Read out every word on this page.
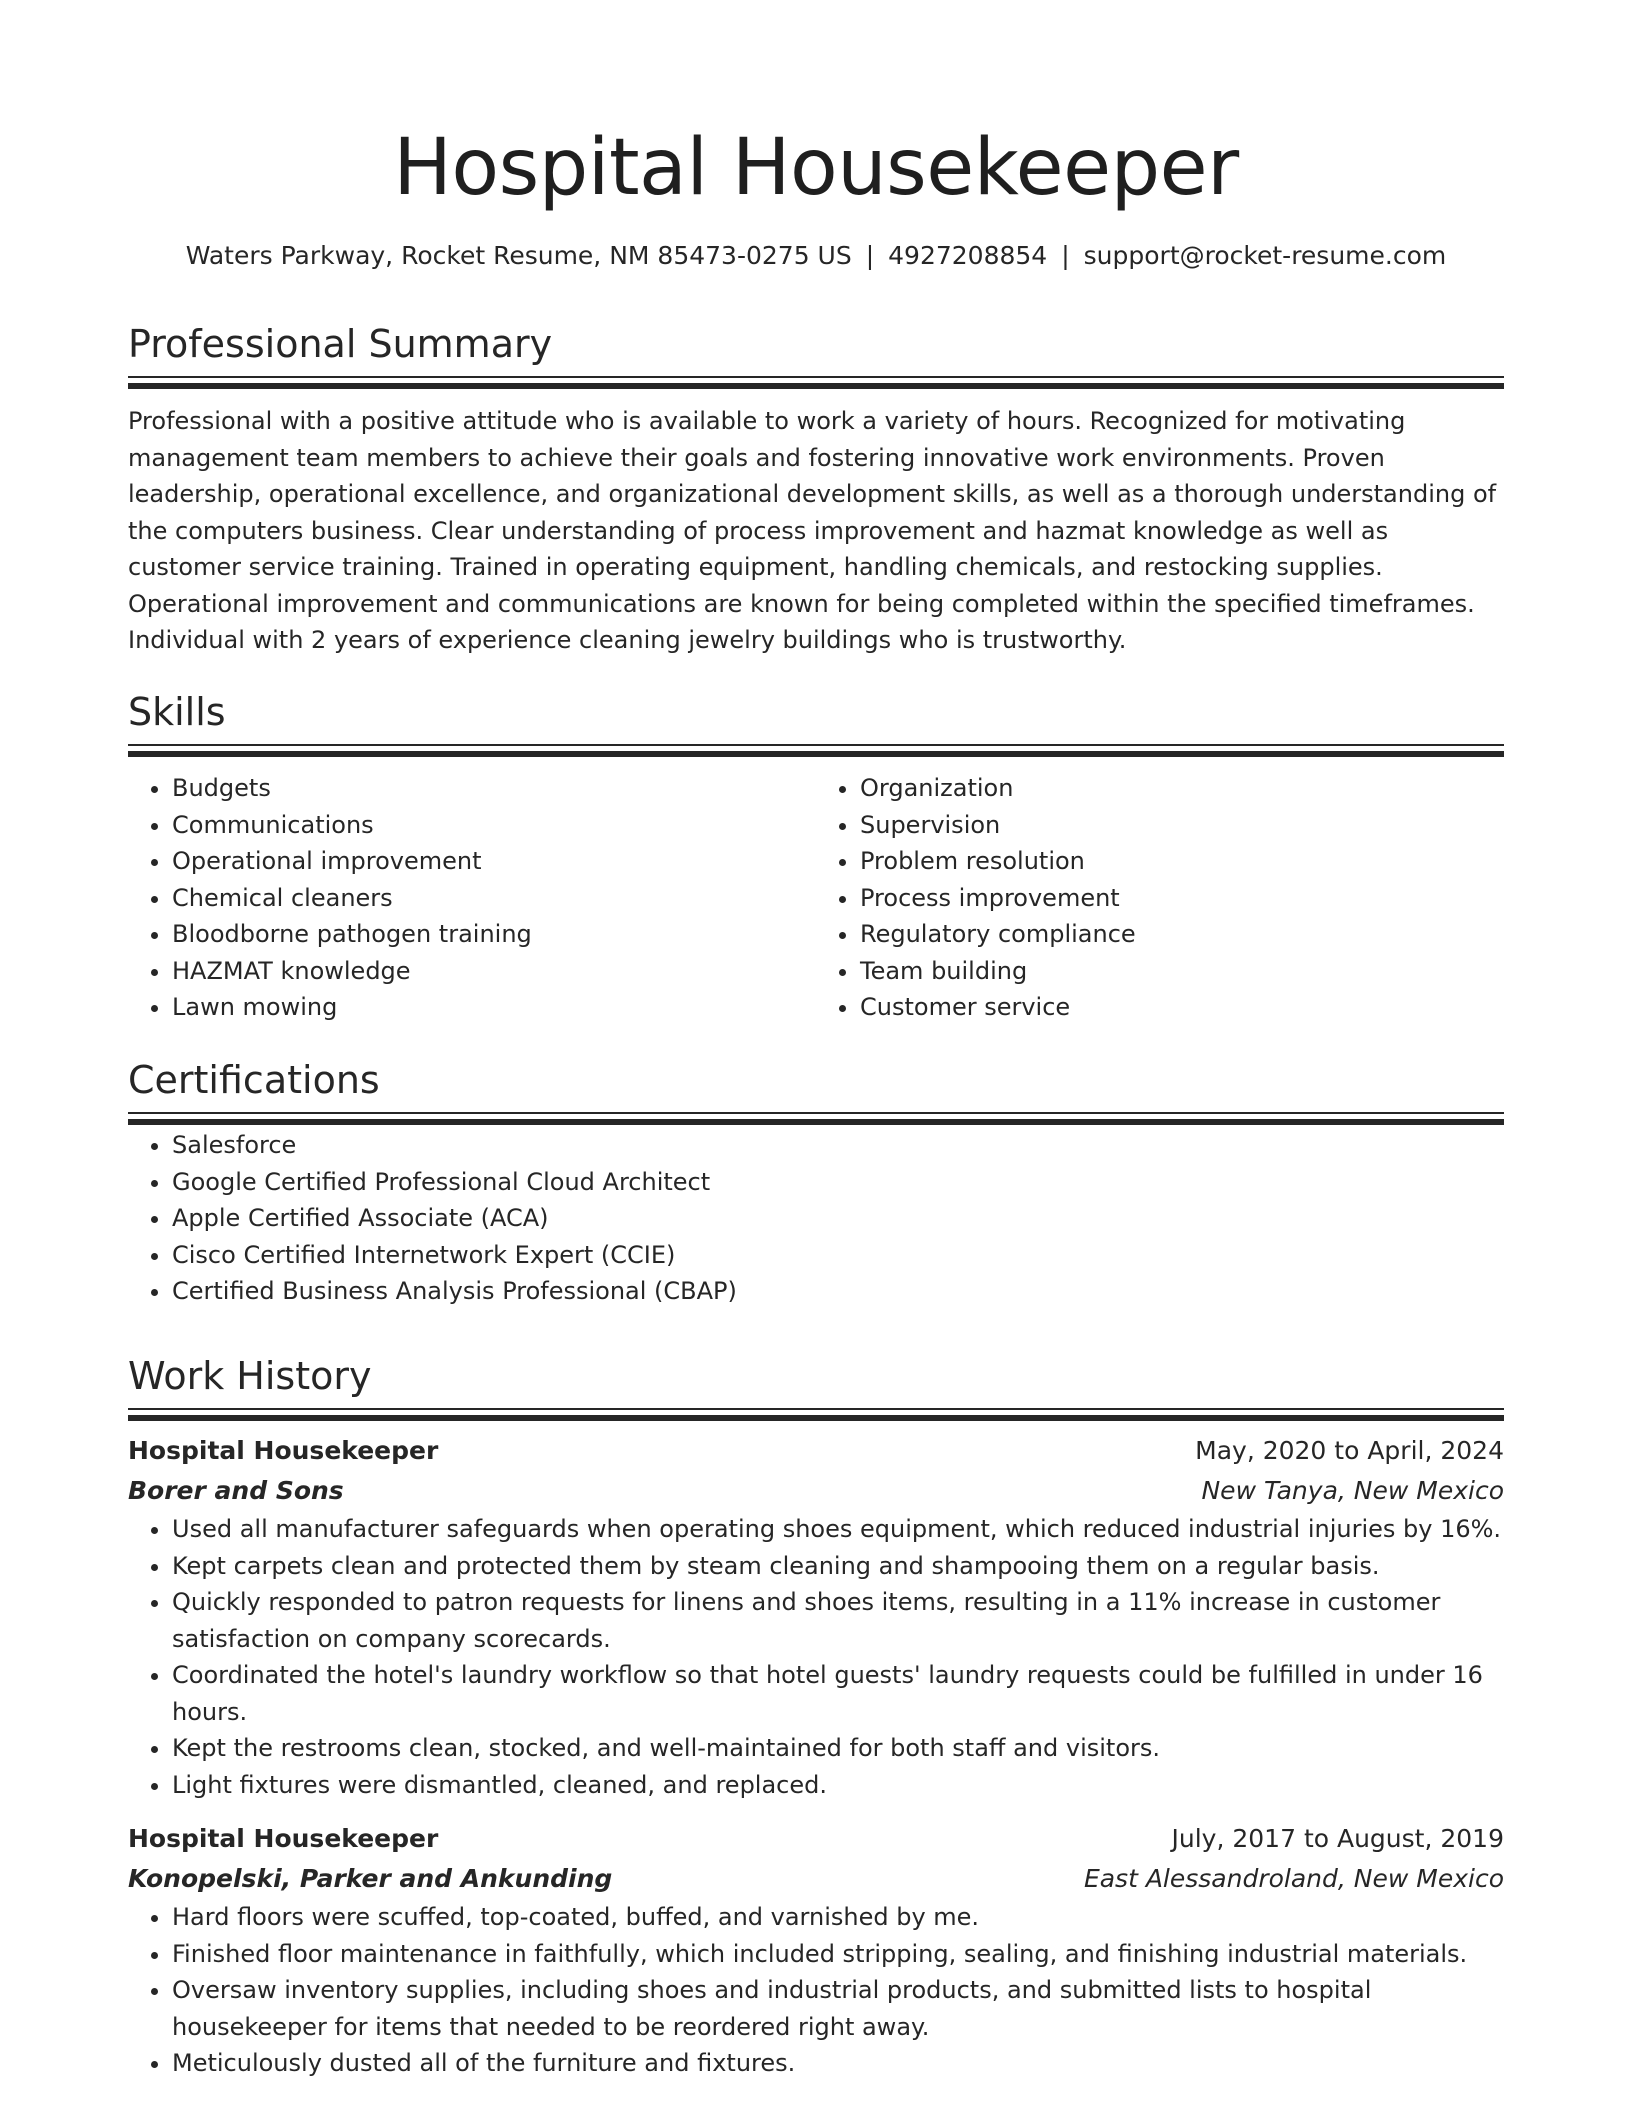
Hospital Housekeeper
Waters Parkway, Rocket Resume, NM 85473-0275 US | 4927208854 | support@rocket-resume.com
Professional Summary

Professional with a positive attitude who is available to work a variety of hours. Recognized for motivating management team members to achieve their goals and fostering innovative work environments. Proven leadership, operational excellence, and organizational development skills, as well as a thorough understanding of the computers business. Clear understanding of process improvement and hazmat knowledge as well as customer service training. Trained in operating equipment, handling chemicals, and restocking supplies. Operational improvement and communications are known for being completed within the specified timeframes. Individual with 2 years of experience cleaning jewelry buildings who is trustworthy.

Skills
• Budgets
• Communications
• Operational improvement
• Chemical cleaners
• Bloodborne pathogen training
• HAZMAT knowledge
• Lawn mowing
• Organization
• Supervision
• Problem resolution
• Process improvement
• Regulatory compliance
• Team building
• Customer service
Certifications
• Salesforce
• Google Certified Professional Cloud Architect
• Apple Certified Associate (ACA)
• Cisco Certified Internetwork Expert (CCIE)
• Certified Business Analysis Professional (CBAP)
Work History
Hospital Housekeeper	May, 2020 to April, 2024
Borer and Sons	New Tanya, New Mexico
• Used all manufacturer safeguards when operating shoes equipment, which reduced industrial injuries by 16%.
• Kept carpets clean and protected them by steam cleaning and shampooing them on a regular basis.
• Quickly responded to patron requests for linens and shoes items, resulting in a 11% increase in customer satisfaction on company scorecards.
• Coordinated the hotel's laundry workflow so that hotel guests' laundry requests could be fulfilled in under 16 hours.
• Kept the restrooms clean, stocked, and well-maintained for both staff and visitors.
• Light fixtures were dismantled, cleaned, and replaced.
Hospital Housekeeper	July, 2017 to August, 2019
Konopelski, Parker and Ankunding	East Alessandroland, New Mexico
• Hard floors were scuffed, top-coated, buffed, and varnished by me.
• Finished floor maintenance in faithfully, which included stripping, sealing, and finishing industrial materials.
• Oversaw inventory supplies, including shoes and industrial products, and submitted lists to hospital housekeeper for items that needed to be reordered right away.
• Meticulously dusted all of the furniture and fixtures.
